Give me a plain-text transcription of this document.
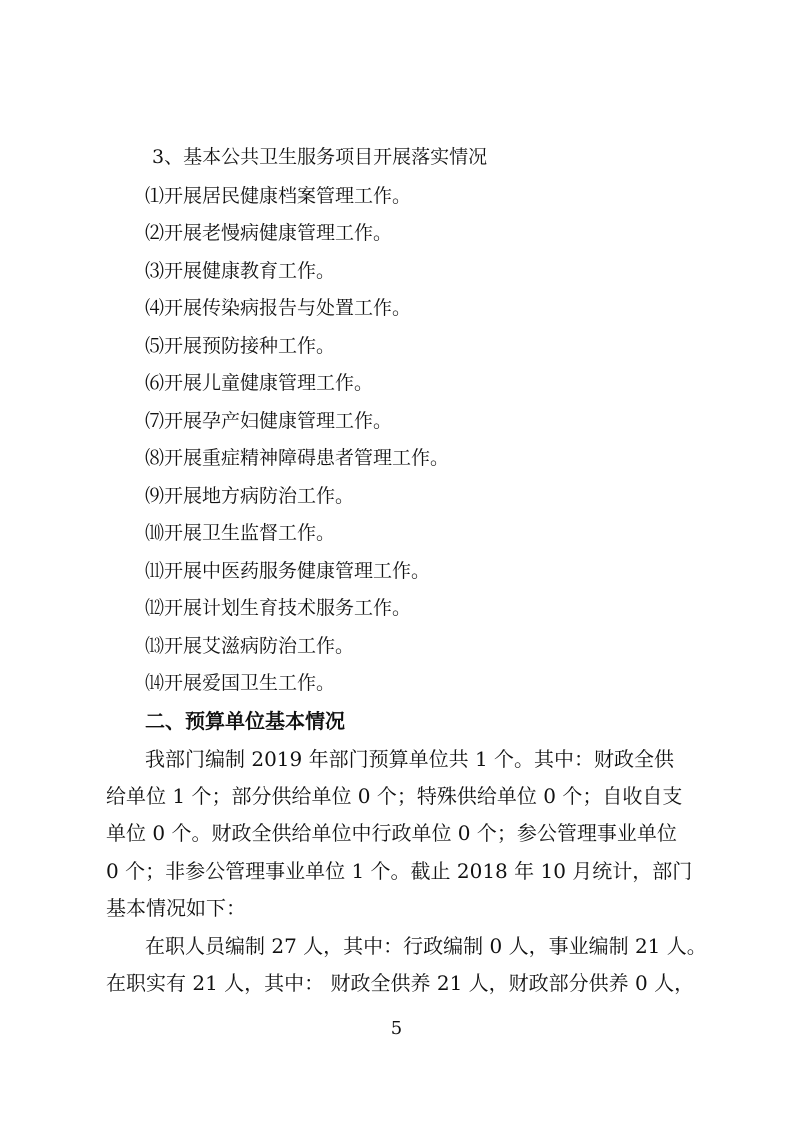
3、基本公共卫生服务项目开展落实情况
⑴开展居民健康档案管理工作。
⑵开展老慢病健康管理工作。
⑶开展健康教育工作。
⑷开展传染病报告与处置工作。
⑸开展预防接种工作。
⑹开展儿童健康管理工作。
⑺开展孕产妇健康管理工作。
⑻开展重症精神障碍患者管理工作。
⑼开展地方病防治工作。
⑽开展卫生监督工作。
⑾开展中医药服务健康管理工作。
⑿开展计划生育技术服务工作。
⒀开展艾滋病防治工作。
⒁开展爱国卫生工作。
二、预算单位基本情况
我部门编制 2019 年部门预算单位共 1 个。其中：财政全供
给单位 1 个；部分供给单位 0 个；特殊供给单位 0 个；自收自支
单位 0 个。财政全供给单位中行政单位 0 个；参公管理事业单位
0 个；非参公管理事业单位 1 个。截止 2018 年 10 月统计，部门
基本情况如下：
在职人员编制 27 人，其中：行政编制 0 人，事业编制 21 人。
在职实有 21 人，其中： 财政全供养 21 人，财政部分供养 0 人，
5
